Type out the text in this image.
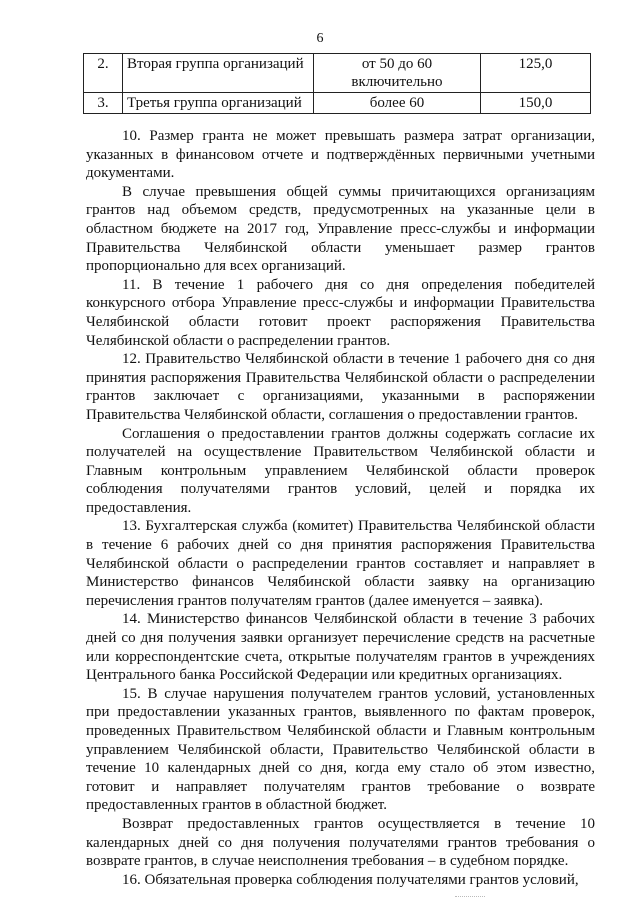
6
2.	Вторая группа организаций	от 50 до 60 включительно	125,0
3.	Третья группа организаций	более 60	150,0

10. Размер гранта не может превышать размера затрат организации, указанных в финансовом отчете и подтверждённых первичными учетными документами.

В случае превышения общей суммы причитающихся организациям грантов над объемом средств, предусмотренных на указанные цели в областном бюджете на 2017 год, Управление пресс-службы и информации Правительства Челябинской области уменьшает размер грантов пропорционально для всех организаций.

11. В течение 1 рабочего дня со дня определения победителей конкурсного отбора Управление пресс-службы и информации Правительства Челябинской области готовит проект распоряжения Правительства Челябинской области о распределении грантов.

12. Правительство Челябинской области в течение 1 рабочего дня со дня принятия распоряжения Правительства Челябинской области о распределении грантов заключает с организациями, указанными в распоряжении Правительства Челябинской области, соглашения о предоставлении грантов.

Соглашения о предоставлении грантов должны содержать согласие их получателей на осуществление Правительством Челябинской области и Главным контрольным управлением Челябинской области проверок соблюдения получателями грантов условий, целей и порядка их предоставления.

13. Бухгалтерская служба (комитет) Правительства Челябинской области в течение 6 рабочих дней со дня принятия распоряжения Правительства Челябинской области о распределении грантов составляет и направляет в Министерство финансов Челябинской области заявку на организацию перечисления грантов получателям грантов (далее именуется – заявка).

14. Министерство финансов Челябинской области в течение 3 рабочих дней со дня получения заявки организует перечисление средств на расчетные или корреспондентские счета, открытые получателям грантов в учреждениях Центрального банка Российской Федерации или кредитных организациях.

15. В случае нарушения получателем грантов условий, установленных при предоставлении указанных грантов, выявленного по фактам проверок, проведенных Правительством Челябинской области и Главным контрольным управлением Челябинской области, Правительство Челябинской области в течение 10 календарных дней со дня, когда ему стало об этом известно, готовит и направляет получателям грантов требование о возврате предоставленных грантов в областной бюджет.

Возврат предоставленных грантов осуществляется в течение 10 календарных дней со дня получения получателями грантов требования о возврате грантов, в случае неисполнения требования – в судебном порядке.

16. Обязательная проверка соблюдения получателями грантов условий,
